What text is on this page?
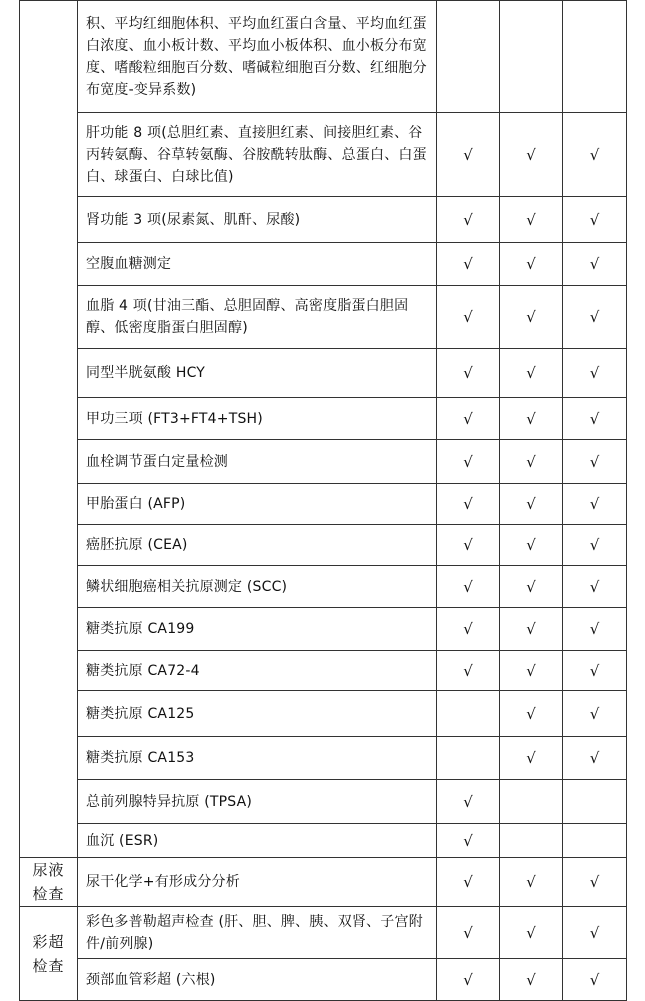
	积、平均红细胞体积、平均血红蛋白含量、平均血红蛋白浓度、血小板计数、平均血小板体积、血小板分布宽度、嗜酸粒细胞百分数、嗜碱粒细胞百分数、红细胞分布宽度-变异系数)			
	肝功能 8 项(总胆红素、直接胆红素、间接胆红素、谷丙转氨酶、谷草转氨酶、谷胺酰转肽酶、总蛋白、白蛋白、球蛋白、白球比值)	√	√	√
	肾功能 3 项(尿素氮、肌酐、尿酸)	√	√	√
	空腹血糖测定	√	√	√
	血脂 4 项(甘油三酯、总胆固醇、高密度脂蛋白胆固醇、低密度脂蛋白胆固醇)	√	√	√
	同型半胱氨酸 HCY	√	√	√
	甲功三项 (FT3+FT4+TSH)	√	√	√
	血栓调节蛋白定量检测	√	√	√
	甲胎蛋白 (AFP)	√	√	√
	癌胚抗原 (CEA)	√	√	√
	鳞状细胞癌相关抗原测定 (SCC)	√	√	√
	糖类抗原 CA199	√	√	√
	糖类抗原 CA72-4	√	√	√
	糖类抗原 CA125		√	√
	糖类抗原 CA153		√	√
	总前列腺特异抗原 (TPSA)	√		
	血沉 (ESR)	√		

尿液
检查	尿干化学+有形成分分析	√	√	√

彩超
检查	彩色多普勒超声检查 (肝、胆、脾、胰、双肾、子宫附件/前列腺)	√	√	√
	颈部血管彩超 (六根)	√	√	√
